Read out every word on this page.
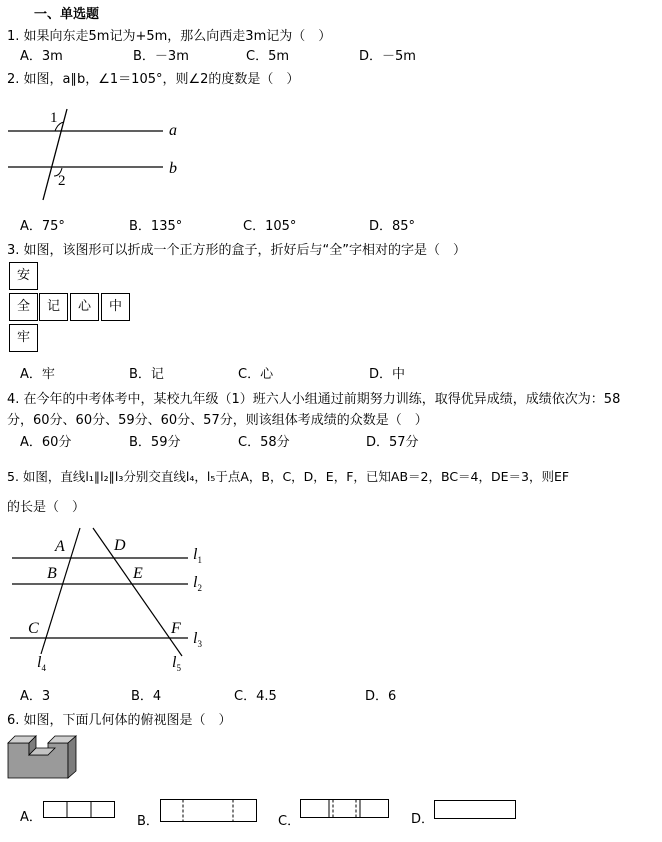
一、单选题
1. 如果向东走5m记为+5m，那么向西走3m记为（　）
A．3m	B．－3m	C．5m	D．－5m
2. 如图，a∥b，∠1＝105°，则∠2的度数是（　）
1
2
a
b
A．75°	B．135°	C．105°	D．85°
3. 如图，该图形可以折成一个正方形的盒子，折好后与“全”字相对的字是（　）
安
全	记	心	中
牢
A．牢	B．记	C．心	D．中
4. 在今年的中考体考中，某校九年级（1）班六人小组通过前期努力训练，取得优异成绩，成绩依次为：58
分，60分、60分、59分、60分、57分，则该组体考成绩的众数是（　）
A．60分	B．59分	C．58分	D．57分
5. 如图，直线l₁∥l₂∥l₃分别交直线l₄，l₅于点A，B，C，D，E，F，已知AB＝2，BC＝4，DE＝3，则EF
的长是（　）
A	D
B	E
C	F
$l_1$
$l_2$
$l_3$
$l_4$	$l_5$
A．3	B．4	C．4.5	D．6
6. 如图，下面几何体的俯视图是（　）
A．	B．	C．	D．
